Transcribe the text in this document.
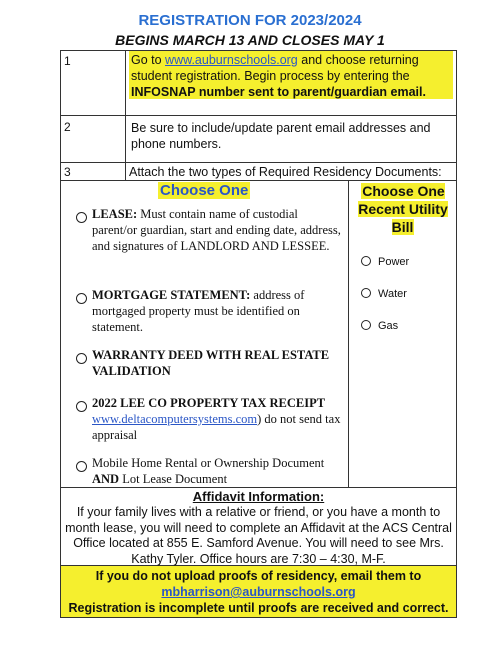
REGISTRATION FOR 2023/2024
BEGINS MARCH 13 AND CLOSES MAY 1
1	Go to www.auburnschools.org and choose returning student registration. Begin process by entering the INFOSNAP number sent to parent/guardian email.
2	Be sure to include/update parent email addresses and phone numbers.
3	Attach the two types of Required Residency Documents:
Choose One
LEASE: Must contain name of custodial parent/or guardian, start and ending date, address, and signatures of LANDLORD AND LESSEE.
MORTGAGE STATEMENT: address of mortgaged property must be identified on statement.
WARRANTY DEED WITH REAL ESTATE VALIDATION
2022 LEE CO PROPERTY TAX RECEIPT
www.deltacomputersystems.com) do not send tax appraisal
Mobile Home Rental or Ownership Document AND Lot Lease Document
Choose One Recent Utility Bill
Power
Water
Gas
Affidavit Information:
If your family lives with a relative or friend, or you have a month to month lease, you will need to complete an Affidavit at the ACS Central Office located at 855 E. Samford Avenue. You will need to see Mrs. Kathy Tyler. Office hours are 7:30 – 4:30, M-F.
If you do not upload proofs of residency, email them to
mbharrison@auburnschools.org
Registration is incomplete until proofs are received and correct.
